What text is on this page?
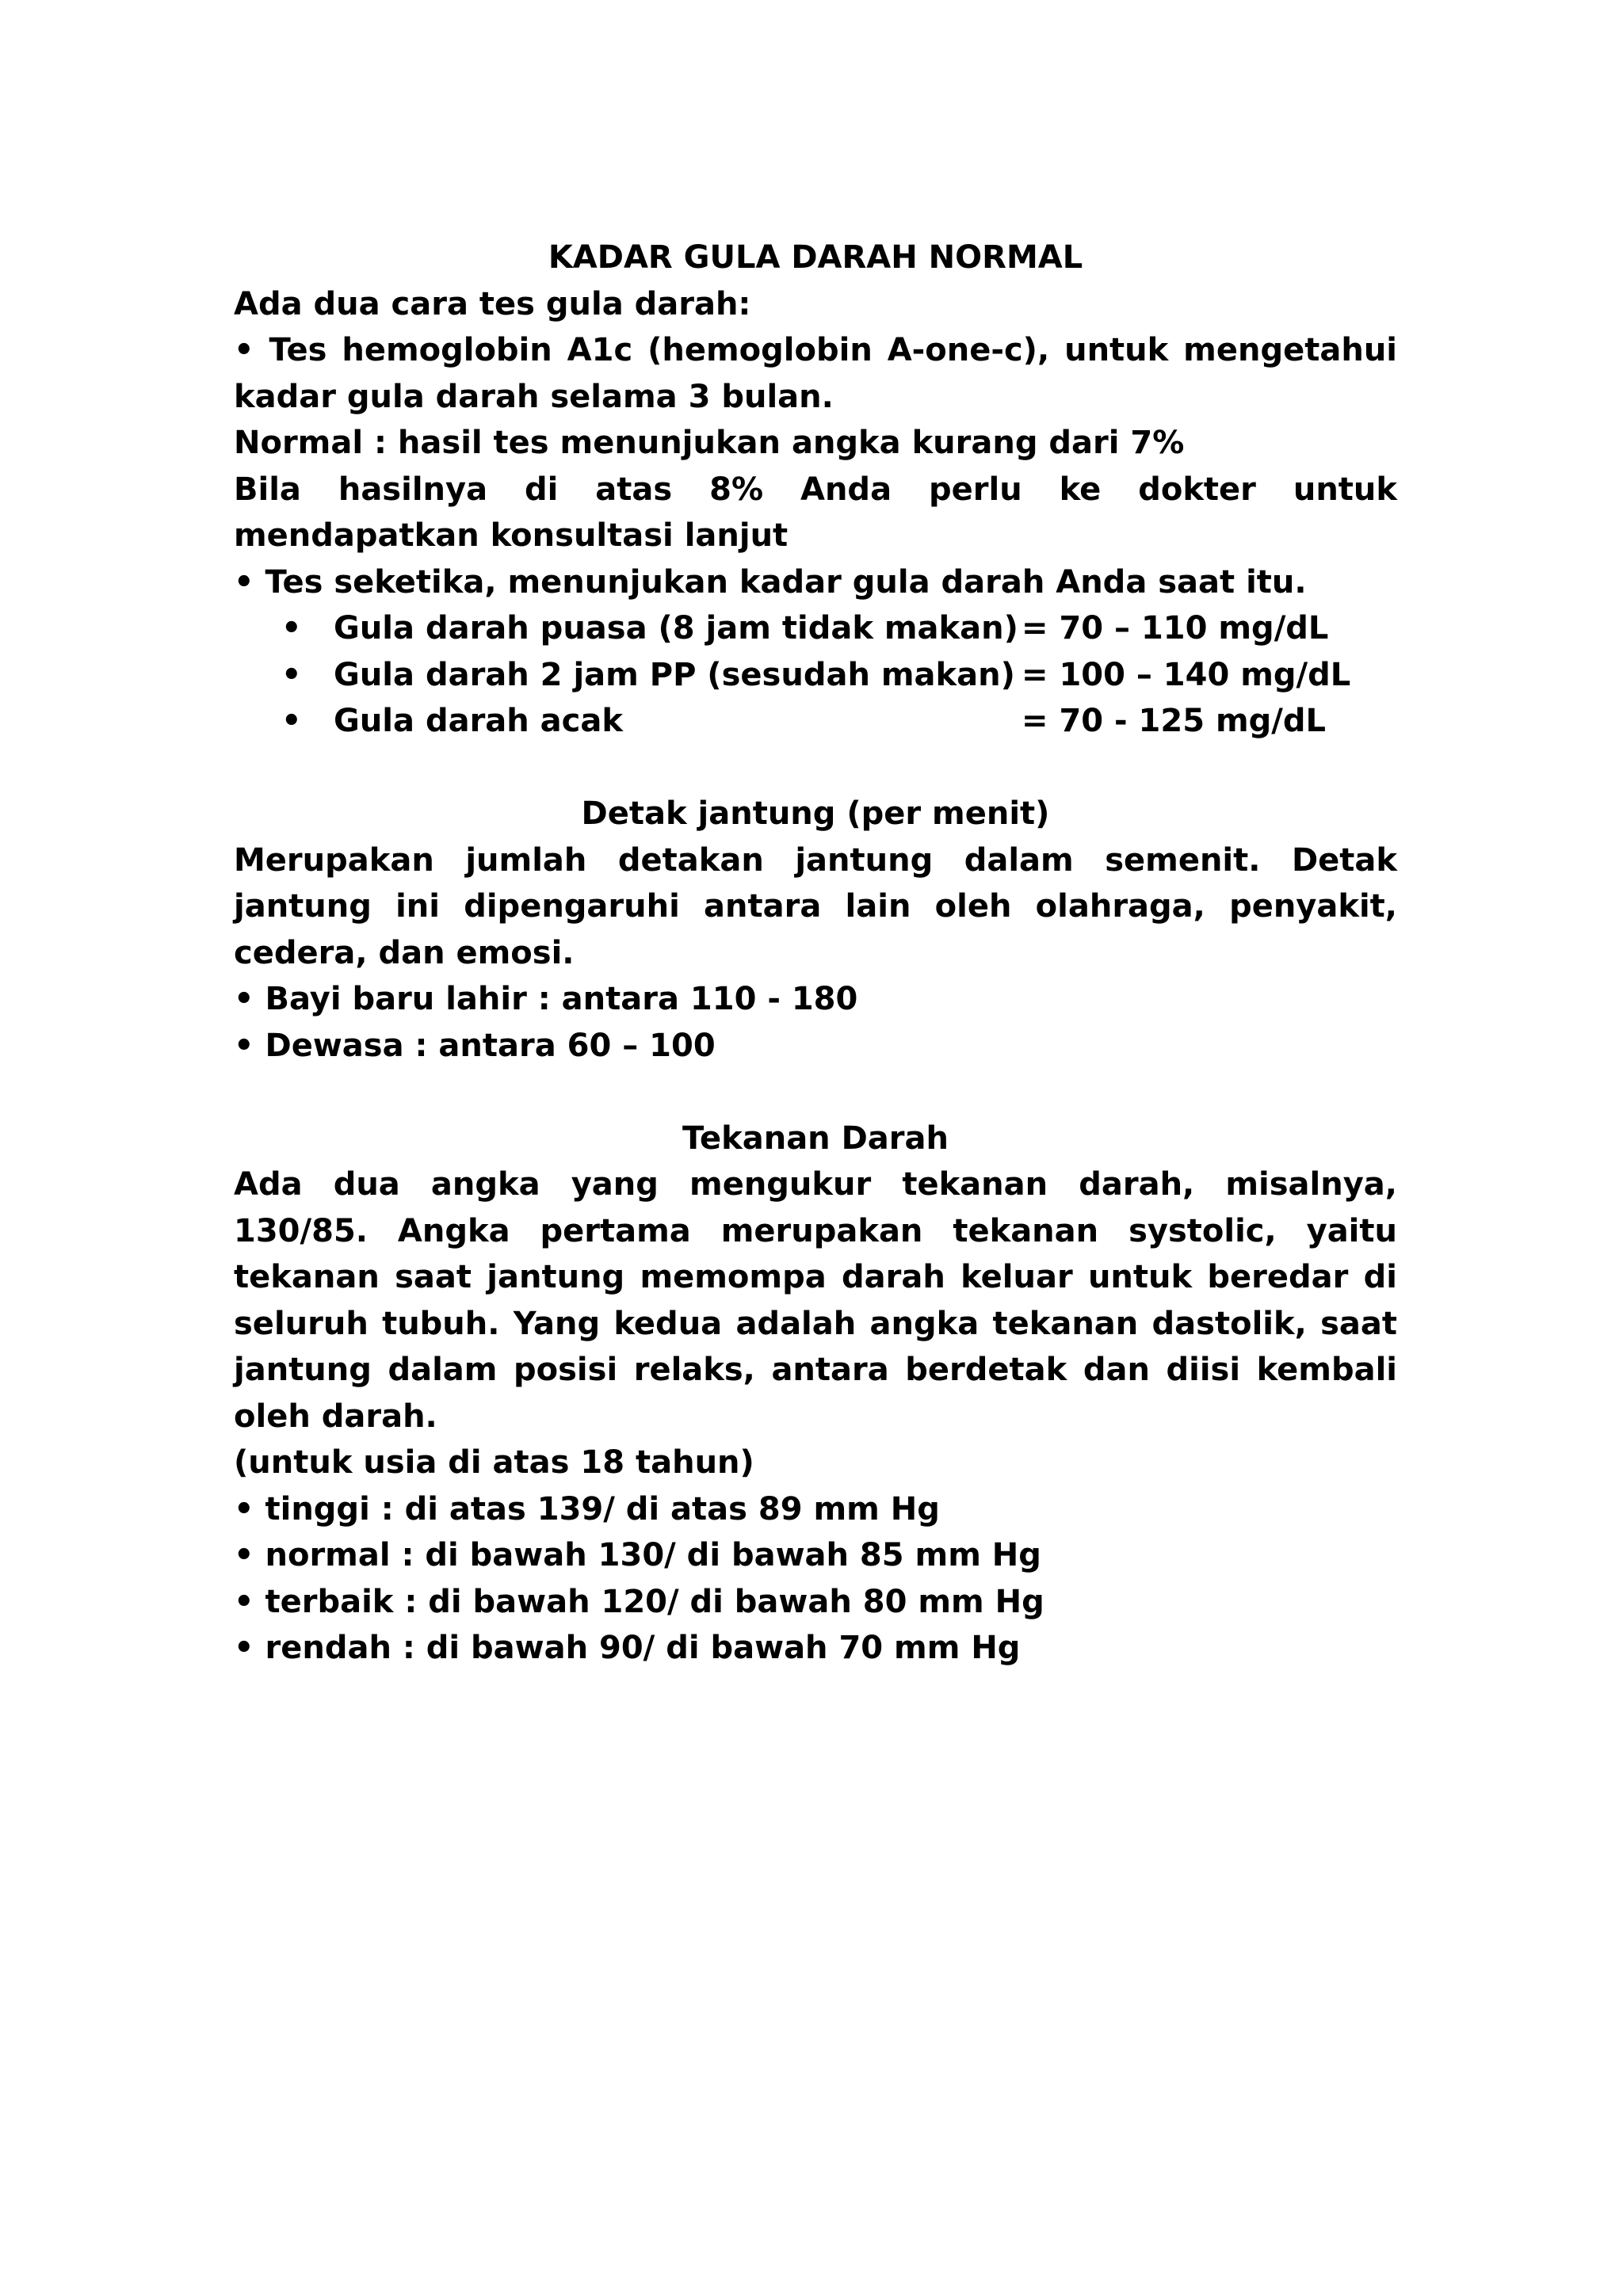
KADAR GULA DARAH NORMAL
Ada dua cara tes gula darah:
• Tes hemoglobin A1c (hemoglobin A-one-c), untuk mengetahui kadar gula darah selama 3 bulan.
Normal : hasil tes menunjukan angka kurang dari 7%
Bila hasilnya di atas 8% Anda perlu ke dokter untuk mendapatkan konsultasi lanjut
• Tes seketika, menunjukan kadar gula darah Anda saat itu.
•	Gula darah puasa (8 jam tidak makan) = 70 – 110 mg/dL
•	Gula darah 2 jam PP (sesudah makan) = 100 – 140 mg/dL
•	Gula darah acak	= 70 - 125 mg/dL
Detak jantung (per menit)
Merupakan jumlah detakan jantung dalam semenit. Detak jantung ini dipengaruhi antara lain oleh olahraga, penyakit, cedera, dan emosi.
• Bayi baru lahir : antara 110 - 180
• Dewasa : antara 60 – 100
Tekanan Darah
Ada dua angka yang mengukur tekanan darah, misalnya, 130/85. Angka pertama merupakan tekanan systolic, yaitu tekanan saat jantung memompa darah keluar untuk beredar di seluruh tubuh. Yang kedua adalah angka tekanan dastolik, saat jantung dalam posisi relaks, antara berdetak dan diisi kembali oleh darah.
(untuk usia di atas 18 tahun)
• tinggi : di atas 139/ di atas 89 mm Hg
• normal : di bawah 130/ di bawah 85 mm Hg
• terbaik : di bawah 120/ di bawah 80 mm Hg
• rendah : di bawah 90/ di bawah 70 mm Hg
